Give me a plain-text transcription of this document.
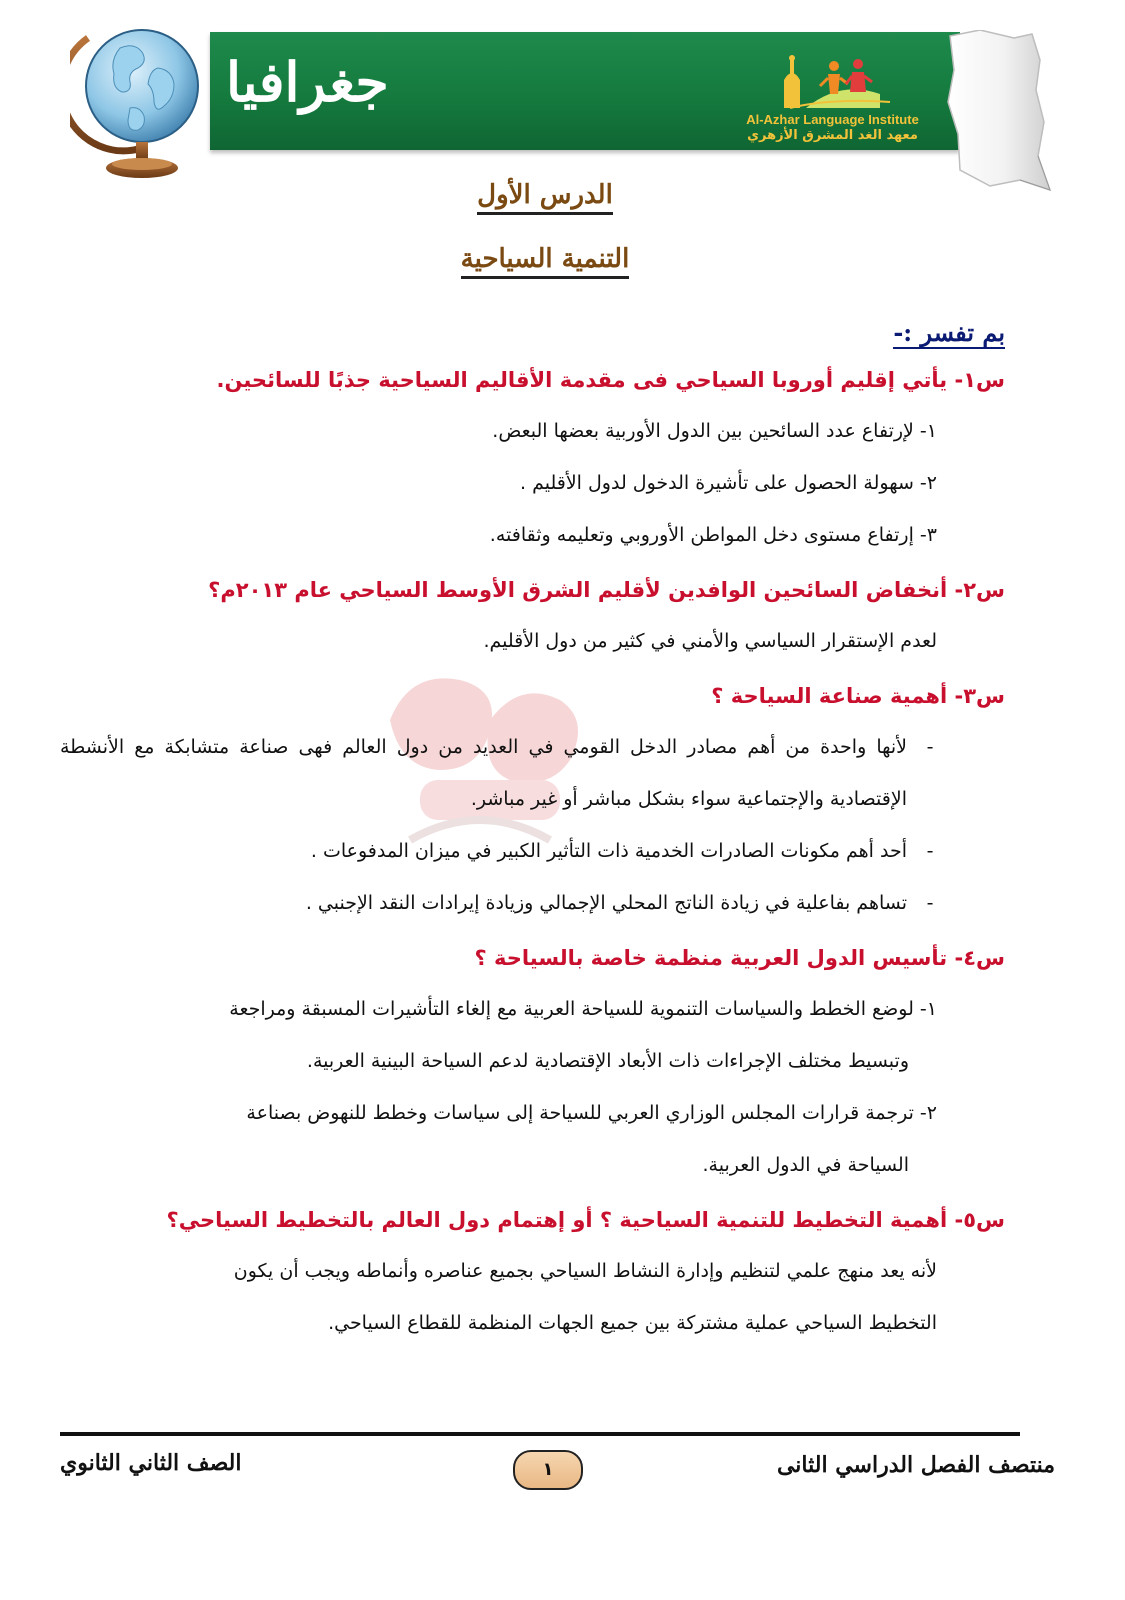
جغرافيا
Al-Azhar Language Institute
معهد الغد المشرق الأزهري
الدرس الأول
التنمية السياحية
بم تفسر :-
س١- يأتي إقليم أوروبا السياحي فى مقدمة الأقاليم السياحية جذبًا للسائحين.

١- لإرتفاع عدد السائحين بين الدول الأوربية بعضها البعض.

٢- سهولة الحصول على تأشيرة الدخول لدول الأقليم .

٣- إرتفاع مستوى دخل المواطن الأوروبي وتعليمه وثقافته.

س٢- أنخفاض السائحين الوافدين لأقليم الشرق الأوسط السياحي عام ٢٠١٣م؟

لعدم الإستقرار السياسي والأمني في كثير من دول الأقليم.

س٣- أهمية صناعة السياحة ؟
-
لأنها واحدة من أهم مصادر الدخل القومي في العديد من دول العالم فهى صناعة متشابكة مع الأنشطة الإقتصادية والإجتماعية سواء بشكل مباشر أو غير مباشر.
-
أحد أهم مكونات الصادرات الخدمية ذات التأثير الكبير في ميزان المدفوعات .
-
تساهم بفاعلية في زيادة الناتج المحلي الإجمالي وزيادة إيرادات النقد الإجنبي .
س٤- تأسيس الدول العربية منظمة خاصة بالسياحة ؟

١- لوضع الخطط والسياسات التنموية للسياحة العربية مع إلغاء التأشيرات المسبقة ومراجعة

وتبسيط مختلف الإجراءات ذات الأبعاد الإقتصادية لدعم السياحة البينية العربية.

٢- ترجمة قرارات المجلس الوزاري العربي للسياحة إلى سياسات وخطط للنهوض بصناعة

السياحة في الدول العربية.

س٥- أهمية التخطيط للتنمية السياحية ؟ أو إهتمام دول العالم بالتخطيط السياحي؟

لأنه يعد منهج علمي لتنظيم وإدارة النشاط السياحي بجميع عناصره وأنماطه ويجب أن يكون

التخطيط السياحي عملية مشتركة بين جميع الجهات المنظمة للقطاع السياحي.

الصف الثاني الثانوي	١	منتصف الفصل الدراسي الثانى
